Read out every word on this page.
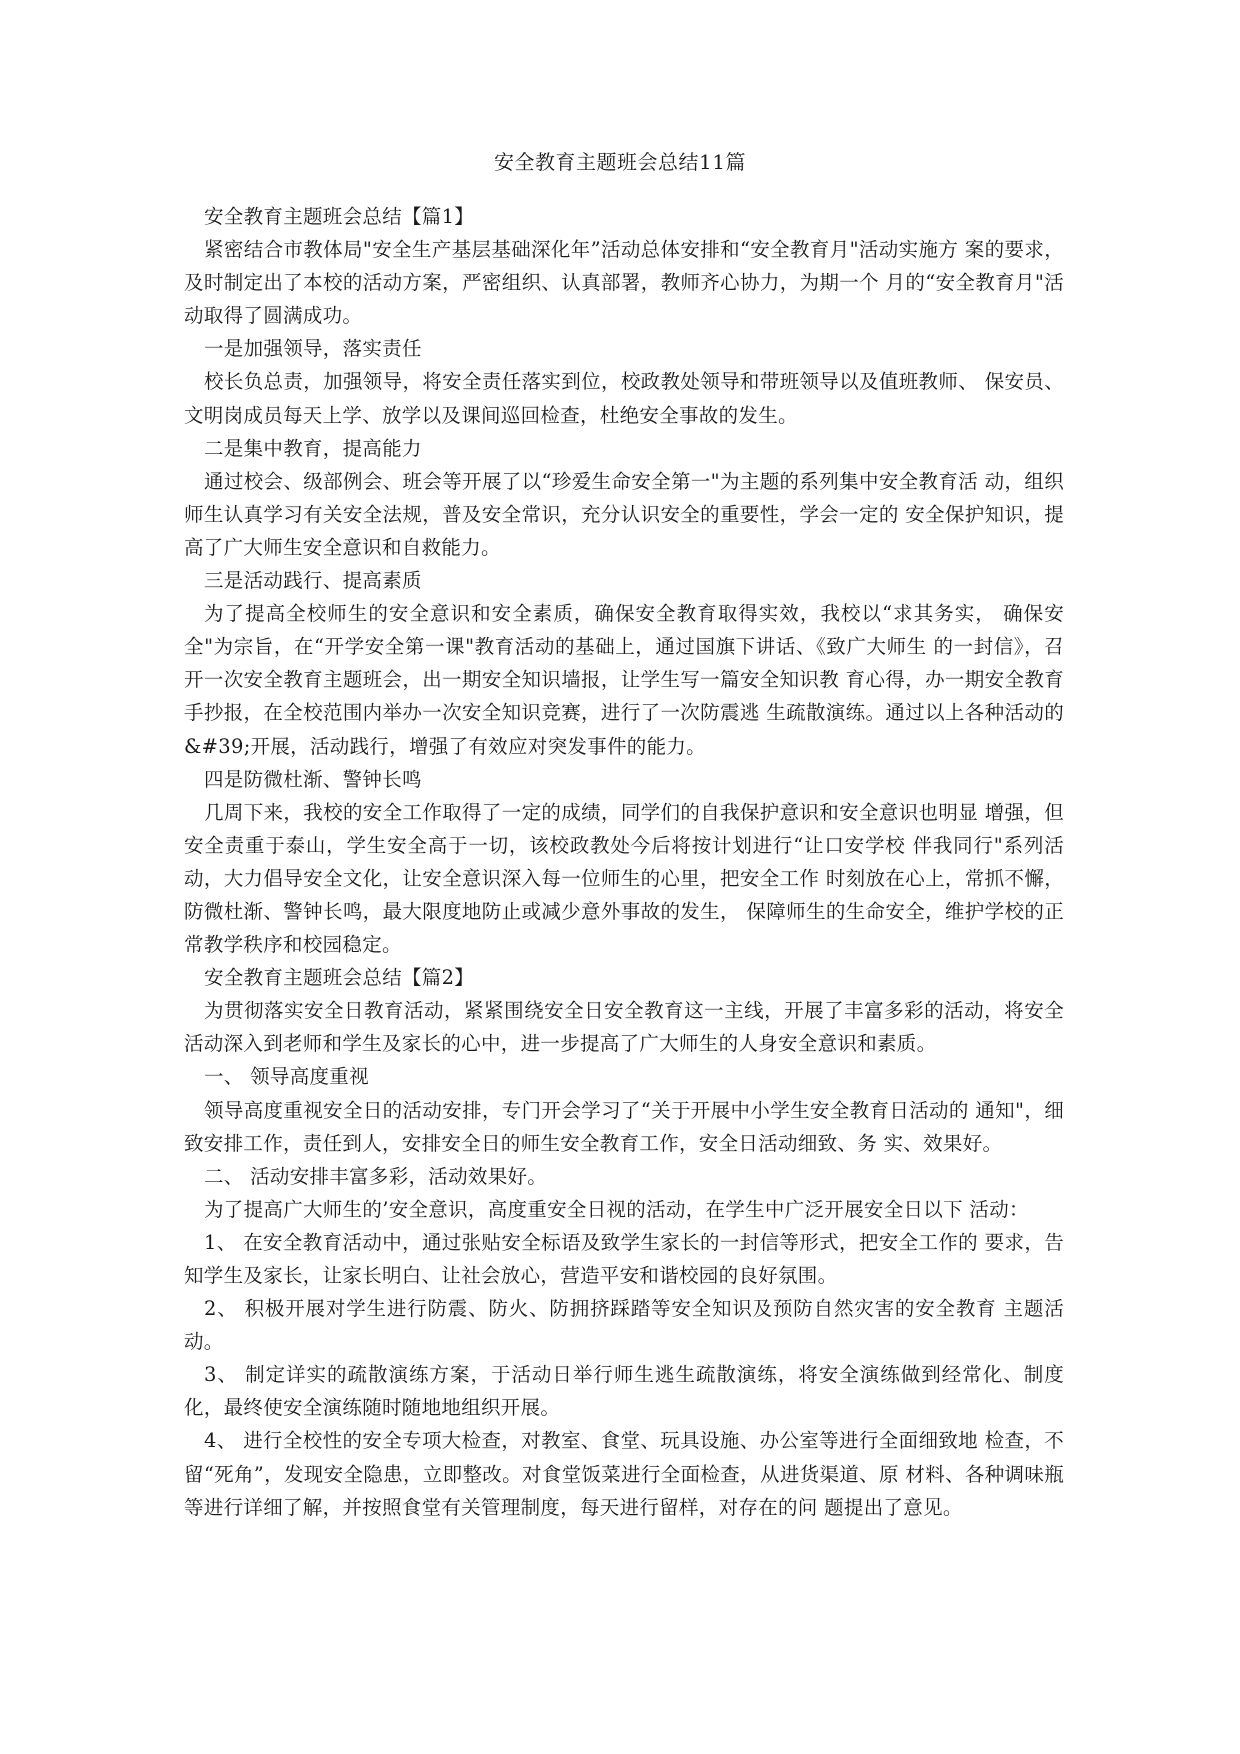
安全教育主题班会总结11篇

安全教育主题班会总结【篇1】

紧密结合市教体局"安全生产基层基础深化年”活动总体安排和“安全教育月"活动实施方 案的要求，及时制定出了本校的活动方案，严密组织、认真部署，教师齐心协力，为期一个 月的“安全教育月"活动取得了圆满成功。

一是加强领导，落实责任

校长负总责，加强领导，将安全责任落实到位，校政教处领导和带班领导以及值班教师、 保安员、文明岗成员每天上学、放学以及课间巡回检查，杜绝安全事故的发生。

二是集中教育，提高能力

通过校会、级部例会、班会等开展了以“珍爱生命安全第一"为主题的系列集中安全教育活 动，组织师生认真学习有关安全法规，普及安全常识，充分认识安全的重要性，学会一定的 安全保护知识，提高了广大师生安全意识和自救能力。

三是活动践行、提高素质

为了提高全校师生的安全意识和安全素质，确保安全教育取得实效，我校以“求其务实， 确保安全"为宗旨，在“开学安全第一课"教育活动的基础上，通过国旗下讲话、《致广大师生 的一封信》，召开一次安全教育主题班会，出一期安全知识墙报，让学生写一篇安全知识教 育心得，办一期安全教育手抄报，在全校范围内举办一次安全知识竞赛，进行了一次防震逃 生疏散演练。通过以上各种活动的&#39;开展，活动践行，增强了有效应对突发事件的能力。

四是防微杜渐、警钟长鸣

几周下来，我校的安全工作取得了一定的成绩，同学们的自我保护意识和安全意识也明显 增强，但安全责重于泰山，学生安全高于一切，该校政教处今后将按计划进行“让口安学校 伴我同行"系列活动，大力倡导安全文化，让安全意识深入每一位师生的心里，把安全工作 时刻放在心上，常抓不懈，防微杜渐、警钟长鸣，最大限度地防止或减少意外事故的发生， 保障师生的生命安全，维护学校的正常教学秩序和校园稳定。

安全教育主题班会总结【篇2】

为贯彻落实安全日教育活动，紧紧围绕安全日安全教育这一主线，开展了丰富多彩的活动，将安全活动深入到老师和学生及家长的心中，进一步提高了广大师生的人身安全意识和素质。

一、 领导高度重视

领导高度重视安全日的活动安排，专门开会学习了“关于开展中小学生安全教育日活动的 通知"，细致安排工作，责任到人，安排安全日的师生安全教育工作，安全日活动细致、务 实、效果好。

二、 活动安排丰富多彩，活动效果好。

为了提高广大师生的’安全意识，高度重安全日视的活动，在学生中广泛开展安全日以下 活动：

1、 在安全教育活动中，通过张贴安全标语及致学生家长的一封信等形式，把安全工作的 要求，告知学生及家长，让家长明白、让社会放心，营造平安和谐校园的良好氛围。

2、 积极开展对学生进行防震、防火、防拥挤踩踏等安全知识及预防自然灾害的安全教育 主题活动。

3、 制定详实的疏散演练方案，于活动日举行师生逃生疏散演练，将安全演练做到经常化、制度化，最终使安全演练随时随地地组织开展。

4、 进行全校性的安全专项大检查，对教室、食堂、玩具设施、办公室等进行全面细致地 检查，不留“死角”，发现安全隐患，立即整改。对食堂饭菜进行全面检查，从进货渠道、原 材料、各种调味瓶等进行详细了解，并按照食堂有关管理制度，每天进行留样，对存在的问 题提出了意见。
